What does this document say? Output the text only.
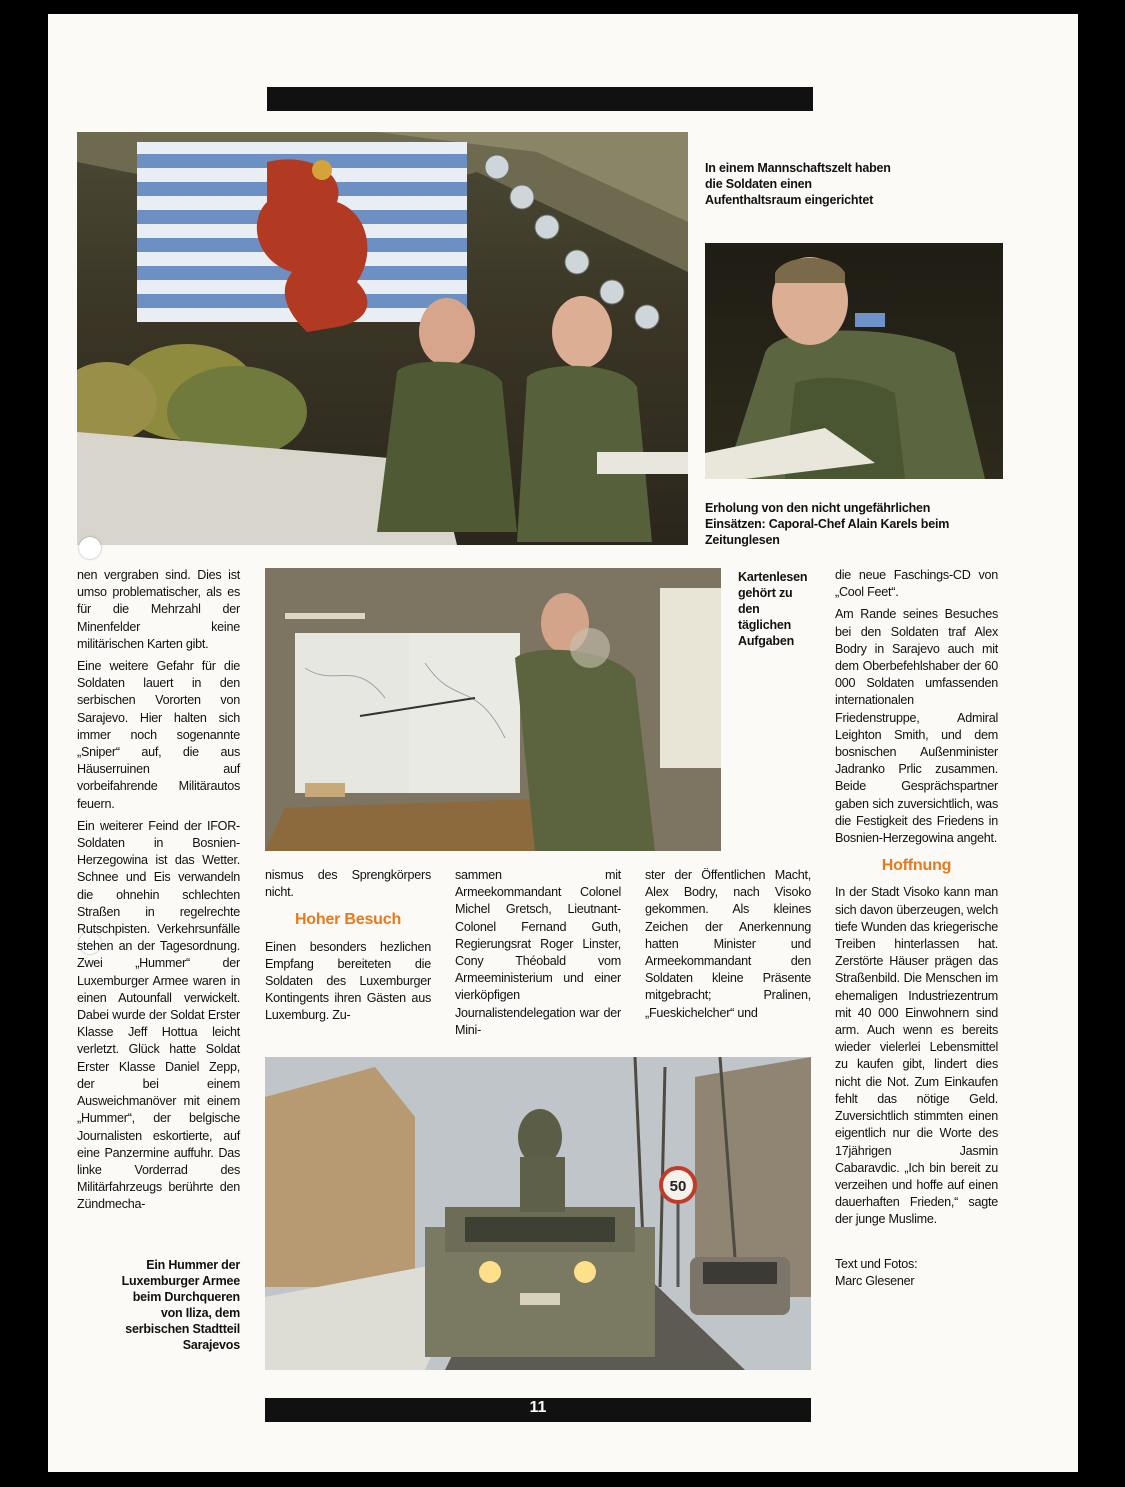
In einem Mannschaftszelt haben die Soldaten einen Aufenthaltsraum eingerichtet
Erholung von den nicht ungefährlichen Einsätzen: Caporal-Chef Alain Karels beim Zeitunglesen
Kartenlesen gehört zu den täglichen Aufgaben

nen vergraben sind. Dies ist umso problematischer, als es für die Mehrzahl der Minenfelder keine militärischen Karten gibt.

Eine weitere Gefahr für die Soldaten lauert in den serbischen Vororten von Sarajevo. Hier halten sich immer noch sogenannte „Sniper“ auf, die aus Häuserruinen auf vorbeifahrende Militärautos feuern.

Ein weiterer Feind der IFOR-Soldaten in Bosnien-Herzegowina ist das Wetter. Schnee und Eis verwandeln die ohnehin schlechten Straßen in regelrechte Rutschpisten. Verkehrsunfälle stehen an der Tagesordnung. Zwei „Hummer“ der Luxemburger Armee waren in einen Autounfall verwickelt. Dabei wurde der Soldat Erster Klasse Jeff Hottua leicht verletzt. Glück hatte Soldat Erster Klasse Daniel Zepp, der bei einem Ausweichmanöver mit einem „Hummer“, der belgische Journalisten eskortierte, auf eine Panzermine auffuhr. Das linke Vorderrad des Militärfahrzeugs berührte den Zündmecha-

nismus des Sprengkörpers nicht.

Hoher Besuch

Einen besonders hezlichen Empfang bereiteten die Soldaten des Luxemburger Kontingents ihren Gästen aus Luxemburg. Zu-

sammen mit Armeekommandant Colonel Michel Gretsch, Lieutnant-Colonel Fernand Guth, Regierungsrat Roger Linster, Cony Théobald vom Armeeministerium und einer vierköpfigen Journalistendelegation war der Mini-

ster der Öffentlichen Macht, Alex Bodry, nach Visoko gekommen. Als kleines Zeichen der Anerkennung hatten Minister und Armeekommandant den Soldaten kleine Präsente mitgebracht; Pralinen, „Fueskichelcher“ und

die neue Faschings-CD von „Cool Feet“.

Am Rande seines Besuches bei den Soldaten traf Alex Bodry in Sarajevo auch mit dem Oberbefehlshaber der 60 000 Soldaten umfassenden internationalen Friedenstruppe, Admiral Leighton Smith, und dem bosnischen Außenminister Jadranko Prlic zusammen. Beide Gesprächspartner gaben sich zuversichtlich, was die Festigkeit des Friedens in Bosnien-Herzegowina angeht.

Hoffnung

In der Stadt Visoko kann man sich davon überzeugen, welch tiefe Wunden das kriegerische Treiben hinterlassen hat. Zerstörte Häuser prägen das Straßenbild. Die Menschen im ehemaligen Industriezentrum mit 40 000 Einwohnern sind arm. Auch wenn es bereits wieder vielerlei Lebensmittel zu kaufen gibt, lindert dies nicht die Not. Zum Einkaufen fehlt das nötige Geld. Zuversichtlich stimmten einen eigentlich nur die Worte des 17jährigen Jasmin Cabaravdic. „Ich bin bereit zu verzeihen und hoffe auf einen dauerhaften Frieden,“ sagte der junge Muslime.

Text und Fotos:
Marc Glesener
50
Ein Hummer der Luxemburger Armee beim Durchqueren von Iliza, dem serbischen Stadtteil Sarajevos
11
